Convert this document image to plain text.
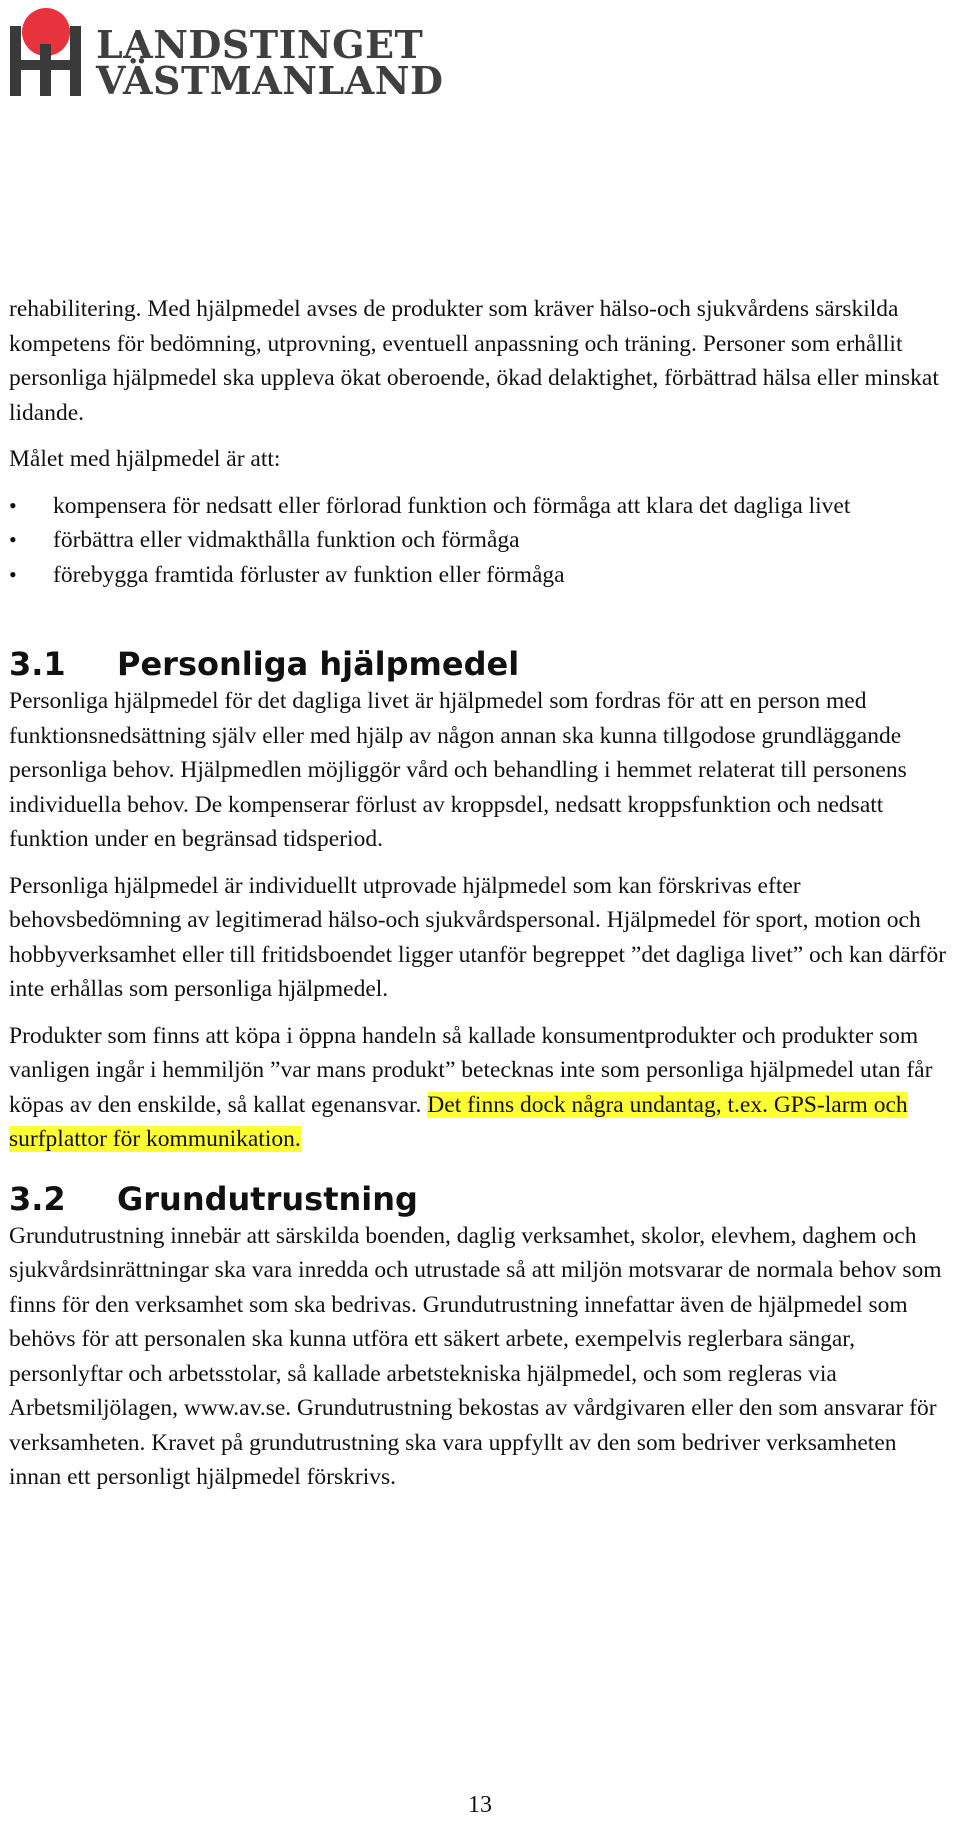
LANDSTINGET
VÄSTMANLAND

rehabilitering. Med hjälpmedel avses de produkter som kräver hälso-och sjukvårdens särskilda kompetens för bedömning, utprovning, eventuell anpassning och träning. Personer som erhållit personliga hjälpmedel ska uppleva ökat oberoende, ökad delaktighet, förbättrad hälsa eller minskat lidande.

Målet med hjälpmedel är att:

• kompensera för nedsatt eller förlorad funktion och förmåga att klara det dagliga livet
• förbättra eller vidmakthålla funktion och förmåga
• förebygga framtida förluster av funktion eller förmåga
3.1 Personliga hjälpmedel

Personliga hjälpmedel för det dagliga livet är hjälpmedel som fordras för att en person med funktionsnedsättning själv eller med hjälp av någon annan ska kunna tillgodose grundläggande personliga behov. Hjälpmedlen möjliggör vård och behandling i hemmet relaterat till personens individuella behov. De kompenserar förlust av kroppsdel, nedsatt kroppsfunktion och nedsatt funktion under en begränsad tidsperiod.

Personliga hjälpmedel är individuellt utprovade hjälpmedel som kan förskrivas efter behovsbedömning av legitimerad hälso-och sjukvårdspersonal. Hjälpmedel för sport, motion och hobbyverksamhet eller till fritidsboendet ligger utanför begreppet ”det dagliga livet” och kan därför inte erhållas som personliga hjälpmedel.

Produkter som finns att köpa i öppna handeln så kallade konsumentprodukter och produkter som vanligen ingår i hemmiljön ”var mans produkt” betecknas inte som personliga hjälpmedel utan får köpas av den enskilde, så kallat egenansvar. Det finns dock några undantag, t.ex. GPS-larm och surfplattor för kommunikation.

3.2 Grundutrustning

Grundutrustning innebär att särskilda boenden, daglig verksamhet, skolor, elevhem, daghem och sjukvårdsinrättningar ska vara inredda och utrustade så att miljön motsvarar de normala behov som finns för den verksamhet som ska bedrivas. Grundutrustning innefattar även de hjälpmedel som behövs för att personalen ska kunna utföra ett säkert arbete, exempelvis reglerbara sängar, personlyftar och arbetsstolar, så kallade arbetstekniska hjälpmedel, och som regleras via Arbetsmiljölagen, www.av.se. Grundutrustning bekostas av vårdgivaren eller den som ansvarar för verksamheten. Kravet på grundutrustning ska vara uppfyllt av den som bedriver verksamheten innan ett personligt hjälpmedel förskrivs.

13
